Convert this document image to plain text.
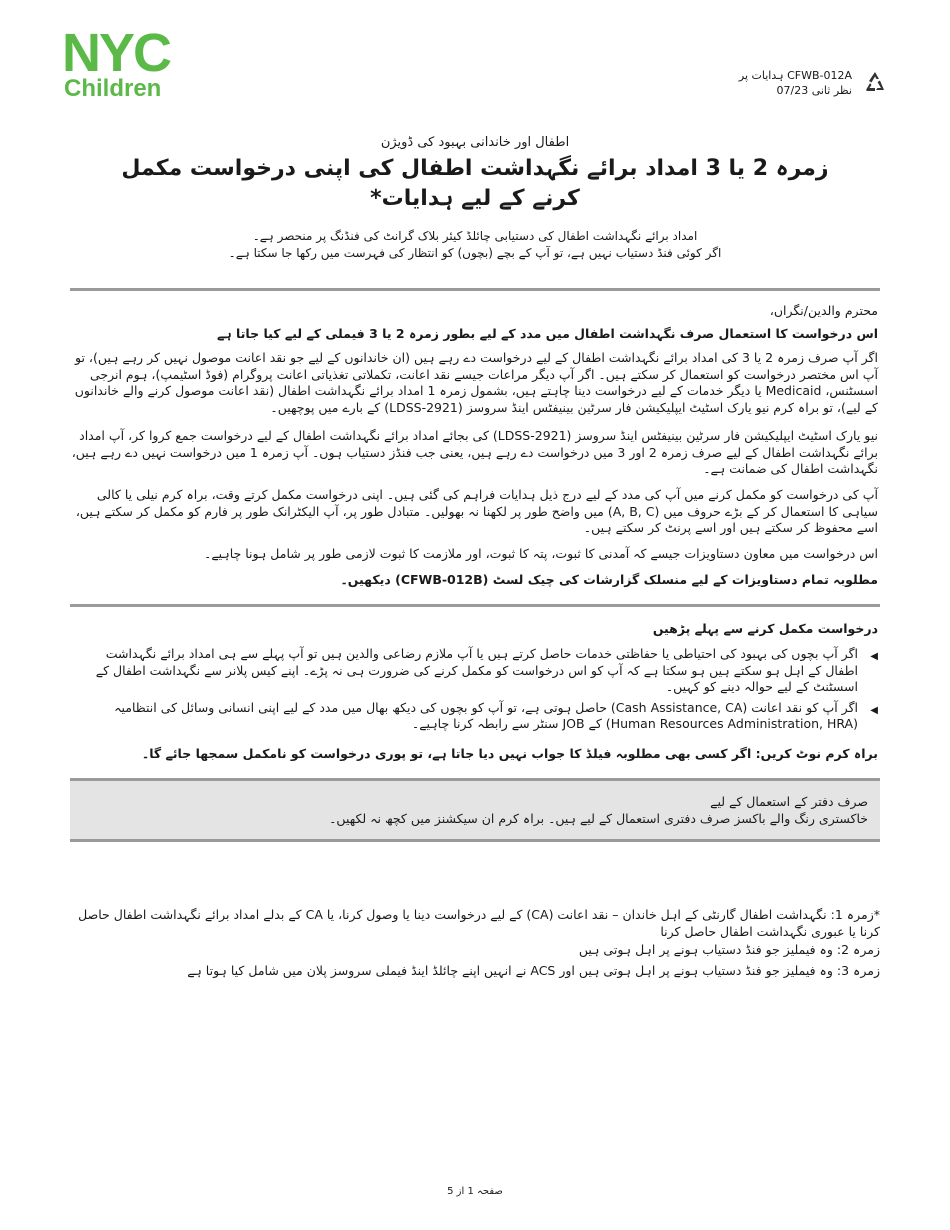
NYC
Children	CFWB-012A ہدایات پر
نظر ثانی 07/23
اطفال اور خاندانی بہبود کی ڈویژن
زمرہ 2 یا 3 امداد برائے نگہداشت اطفال کی اپنی درخواست مکمل کرنے کے لیے ہدایات*
امداد برائے نگہداشت اطفال کی دستیابی چائلڈ کیئر بلاک گرانٹ کی فنڈنگ پر منحصر ہے۔
اگر کوئی فنڈ دستیاب نہیں ہے، تو آپ کے بچے (بچوں) کو انتظار کی فہرست میں رکھا جا سکتا ہے۔
محترم والدین/نگراں،
اس درخواست کا استعمال صرف نگہداشت اطفال میں مدد کے لیے بطور زمرہ 2 یا 3 فیملی کے لیے کیا جاتا ہے
اگر آپ صرف زمرہ 2 یا 3 کی امداد برائے نگہداشت اطفال کے لیے درخواست دے رہے ہیں (ان خاندانوں کے لیے جو نقد اعانت موصول نہیں کر رہے ہیں)، تو آپ اس مختصر درخواست کو استعمال کر سکتے ہیں۔ اگر آپ دیگر مراعات جیسے نقد اعانت، تکملاتی تغذیاتی اعانت پروگرام (فوڈ اسٹیمپ)، ہوم انرجی اسسٹنس، Medicaid یا دیگر خدمات کے لیے درخواست دینا چاہتے ہیں، بشمول زمرہ 1 امداد برائے نگہداشت اطفال (نقد اعانت موصول کرنے والے خاندانوں کے لیے)، تو براہ کرم نیو یارک اسٹیٹ ایپلیکیشن فار سرٹین بینیفٹس اینڈ سروسز (LDSS-2921) کے بارے میں پوچھیں۔
نیو یارک اسٹیٹ ایپلیکیشن فار سرٹین بینیفٹس اینڈ سروسز (LDSS-2921) کی بجائے امداد برائے نگہداشت اطفال کے لیے درخواست جمع کروا کر، آپ امداد برائے نگہداشت اطفال کے لیے صرف زمرہ 2 اور 3 میں درخواست دے رہے ہیں، یعنی جب فنڈز دستیاب ہوں۔ آپ زمرہ 1 میں درخواست نہیں دے رہے ہیں، نگہداشت اطفال کی ضمانت ہے۔
آپ کی درخواست کو مکمل کرنے میں آپ کی مدد کے لیے درج ذیل ہدایات فراہم کی گئی ہیں۔ اپنی درخواست مکمل کرتے وقت، براہ کرم نیلی یا کالی سیاہی کا استعمال کر کے بڑے حروف میں (A, B, C) میں واضح طور پر لکھنا نہ بھولیں۔ متبادل طور پر، آپ الیکٹرانک طور پر فارم کو مکمل کر سکتے ہیں، اسے محفوظ کر سکتے ہیں اور اسے پرنٹ کر سکتے ہیں۔
اس درخواست میں معاون دستاویزات جیسے کہ آمدنی کا ثبوت، پتہ کا ثبوت، اور ملازمت کا ثبوت لازمی طور پر شامل ہونا چاہیے۔
مطلوبہ تمام دستاویزات کے لیے منسلک گزارشات کی چیک لسٹ (CFWB-012B) دیکھیں۔
درخواست مکمل کرنے سے پہلے پڑھیں
◀
اگر آپ بچوں کی بہبود کی احتیاطی یا حفاظتی خدمات حاصل کرتے ہیں یا آپ ملازم رضاعی والدین ہیں تو آپ پہلے سے ہی امداد برائے نگہداشت اطفال کے اہل ہو سکتے ہیں ہو سکتا ہے کہ آپ کو اس درخواست کو مکمل کرنے کی ضرورت ہی نہ پڑے۔ اپنے کیس پلانر سے نگہداشت اطفال کے اسسٹنٹ کے لیے حوالہ دینے کو کہیں۔
◀
اگر آپ کو نقد اعانت (Cash Assistance, CA) حاصل ہوتی ہے، تو آپ کو بچوں کی دیکھ بھال میں مدد کے لیے اپنی انسانی وسائل کی انتظامیہ (Human Resources Administration, HRA) کے JOB سنٹر سے رابطہ کرنا چاہیے۔
براہ کرم نوٹ کریں: اگر کسی بھی مطلوبہ فیلڈ کا جواب نہیں دیا جاتا ہے، تو پوری درخواست کو نامکمل سمجھا جائے گا۔
صرف دفتر کے استعمال کے لیے
خاکستری رنگ والے باکسز صرف دفتری استعمال کے لیے ہیں۔ براہ کرم ان سیکشنز میں کچھ نہ لکھیں۔
*زمرہ 1: نگہداشت اطفال گارنٹی کے اہل خاندان – نقد اعانت (CA) کے لیے درخواست دینا یا وصول کرنا، یا CA کے بدلے امداد برائے نگہداشت اطفال حاصل کرنا یا عبوری نگہداشت اطفال حاصل کرنا
زمرہ 2: وہ فیملیز جو فنڈ دستیاب ہونے پر اہل ہوتی ہیں
زمرہ 3: وہ فیملیز جو فنڈ دستیاب ہونے پر اہل ہوتی ہیں اور ACS نے انہیں اپنے چائلڈ اینڈ فیملی سروسز پلان میں شامل کیا ہوتا ہے
صفحہ 1 از 5
